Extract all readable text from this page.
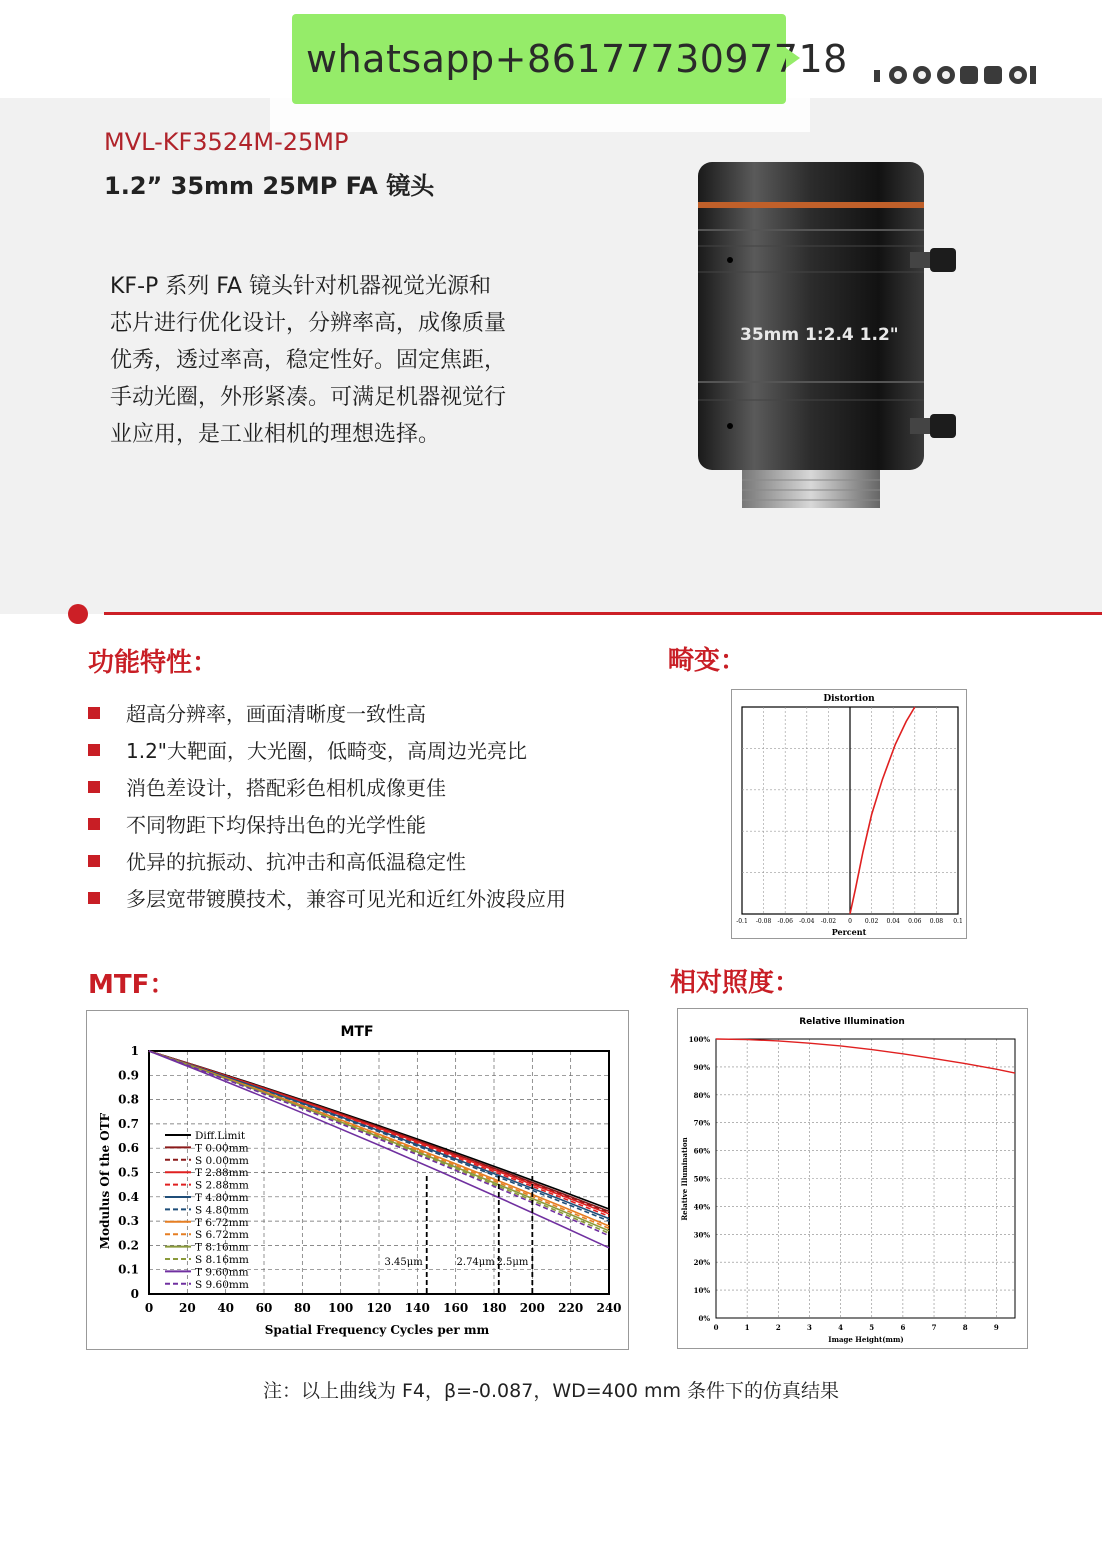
whatsapp+8617773097718
MVL-KF3524M-25MP
1.2” 35mm 25MP FA 镜头
KF-P 系列 FA 镜头针对机器视觉光源和
芯片进行优化设计，分辨率高，成像质量
优秀，透过率高，稳定性好。固定焦距，
手动光圈，外形紧凑。可满足机器视觉行
业应用，是工业相机的理想选择。
35mm 1:2.4 1.2"
功能特性：	畸变：
MTF：	相对照度：
超高分辨率，画面清晰度一致性高
1.2"大靶面，大光圈，低畸变，高周边光亮比
消色差设计，搭配彩色相机成像更佳
不同物距下均保持出色的光学性能
优异的抗振动、抗冲击和高低温稳定性
多层宽带镀膜技术，兼容可见光和近红外波段应用
Distortion
-0.1 -0.08 -0.06 -0.04 -0.02 0 0.02 0.04 0.06 0.08 0.1
Percent
MTF
0 20 40 60 80 100 120 140 160 180 200 220 240
0
0.1
0.2
0.3
0.4
0.5
0.6
0.7
0.8
0.9
1
Spatial Frequency Cycles per mm
Modulus Of the OTF
3.45μm	2.74μm 2.5μm
Diff.Limit
T 0.00mm
S 0.00mm
T 2.88mm
S 2.88mm
T 4.80mm
S 4.80mm
T 6.72mm
S 6.72mm
T 8.16mm
S 8.16mm
T 9.60mm
S 9.60mm
Relative Illumination
0	1	2	3	4	5	6	7	8	9
0%
10%
20%
30%
40%
50%
60%
70%
80%
90%
100%
Image Height(mm)
Relative Illumination
注：以上曲线为 F4，β=-0.087，WD=400 mm 条件下的仿真结果
